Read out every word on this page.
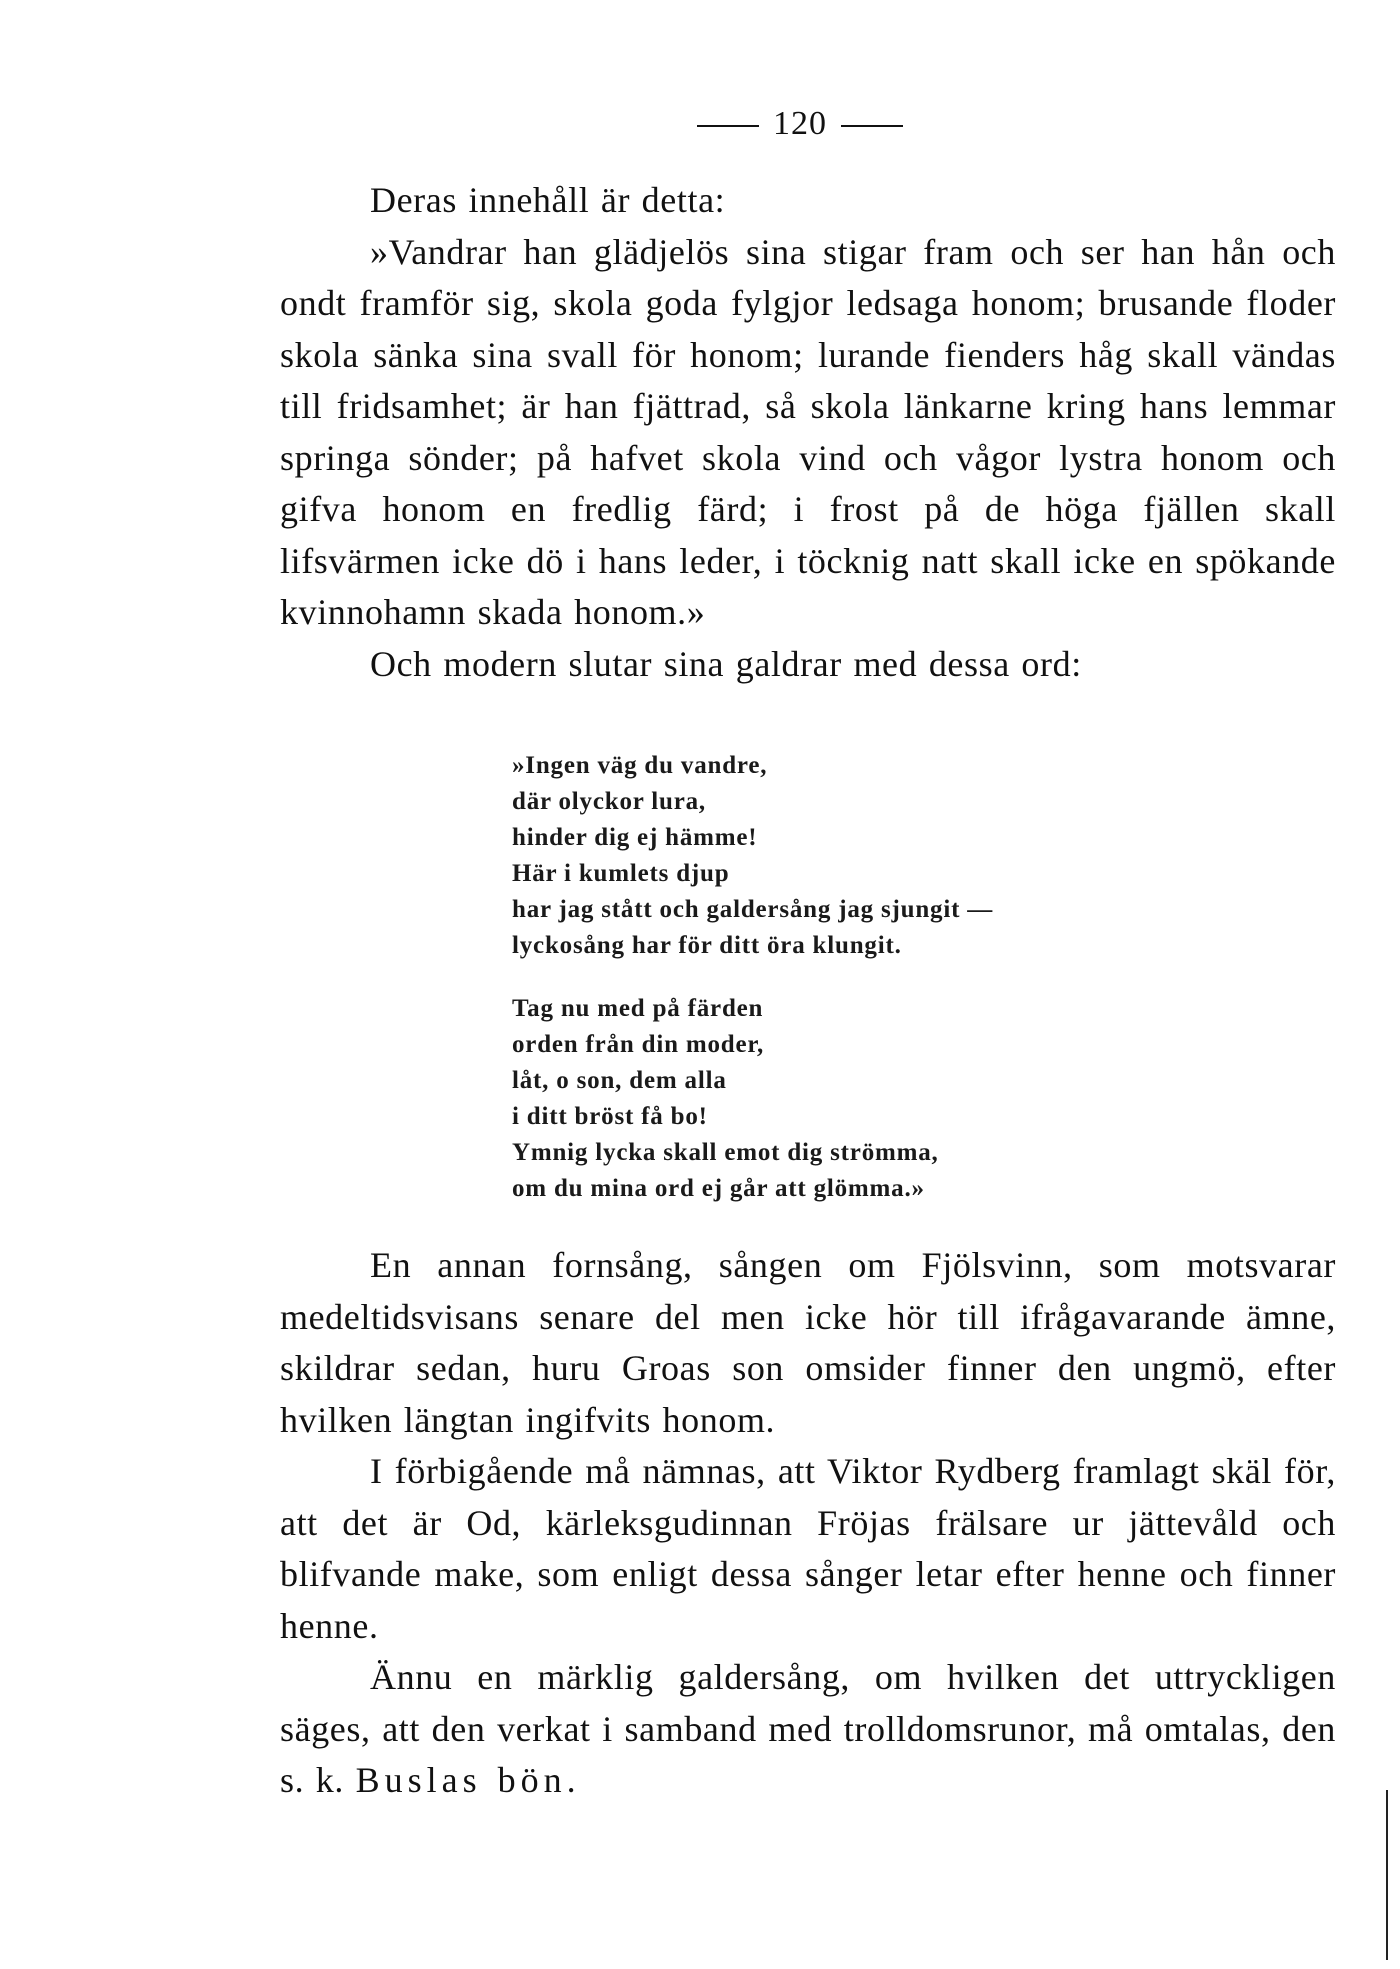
120

Deras innehåll är detta:

»Vandrar han glädjelös sina stigar fram och ser han hån och ondt framför sig, skola goda fylgjor ledsaga honom; brusande floder skola sänka sina svall för honom; lurande fienders håg skall vändas till fridsamhet; är han fjättrad, så skola länkarne kring hans lemmar springa sönder; på hafvet skola vind och vågor lystra honom och gifva honom en fredlig färd; i frost på de höga fjällen skall lifsvärmen icke dö i hans leder, i töcknig natt skall icke en spökande kvinnohamn skada honom.»

Och modern slutar sina galdrar med dessa ord:

»Ingen väg du vandre,
där olyckor lura,
hinder dig ej hämme!
Här i kumlets djup
har jag stått och galdersång jag sjungit —
lyckosång har för ditt öra klungit.
Tag nu med på färden
orden från din moder,
låt, o son, dem alla
i ditt bröst få bo!
Ymnig lycka skall emot dig strömma,
om du mina ord ej går att glömma.»

En annan fornsång, sången om Fjölsvinn, som motsvarar medeltidsvisans senare del men icke hör till ifrågavarande ämne, skildrar sedan, huru Groas son omsider finner den ungmö, efter hvilken längtan ingifvits honom.

I förbigående må nämnas, att Viktor Rydberg framlagt skäl för, att det är Od, kärleksgudinnan Fröjas frälsare ur jättevåld och blifvande make, som enligt dessa sånger letar efter henne och finner henne.

Ännu en märklig galdersång, om hvilken det uttryckligen säges, att den verkat i samband med trolldomsrunor, må omtalas, den s. k. Buslas bön.
